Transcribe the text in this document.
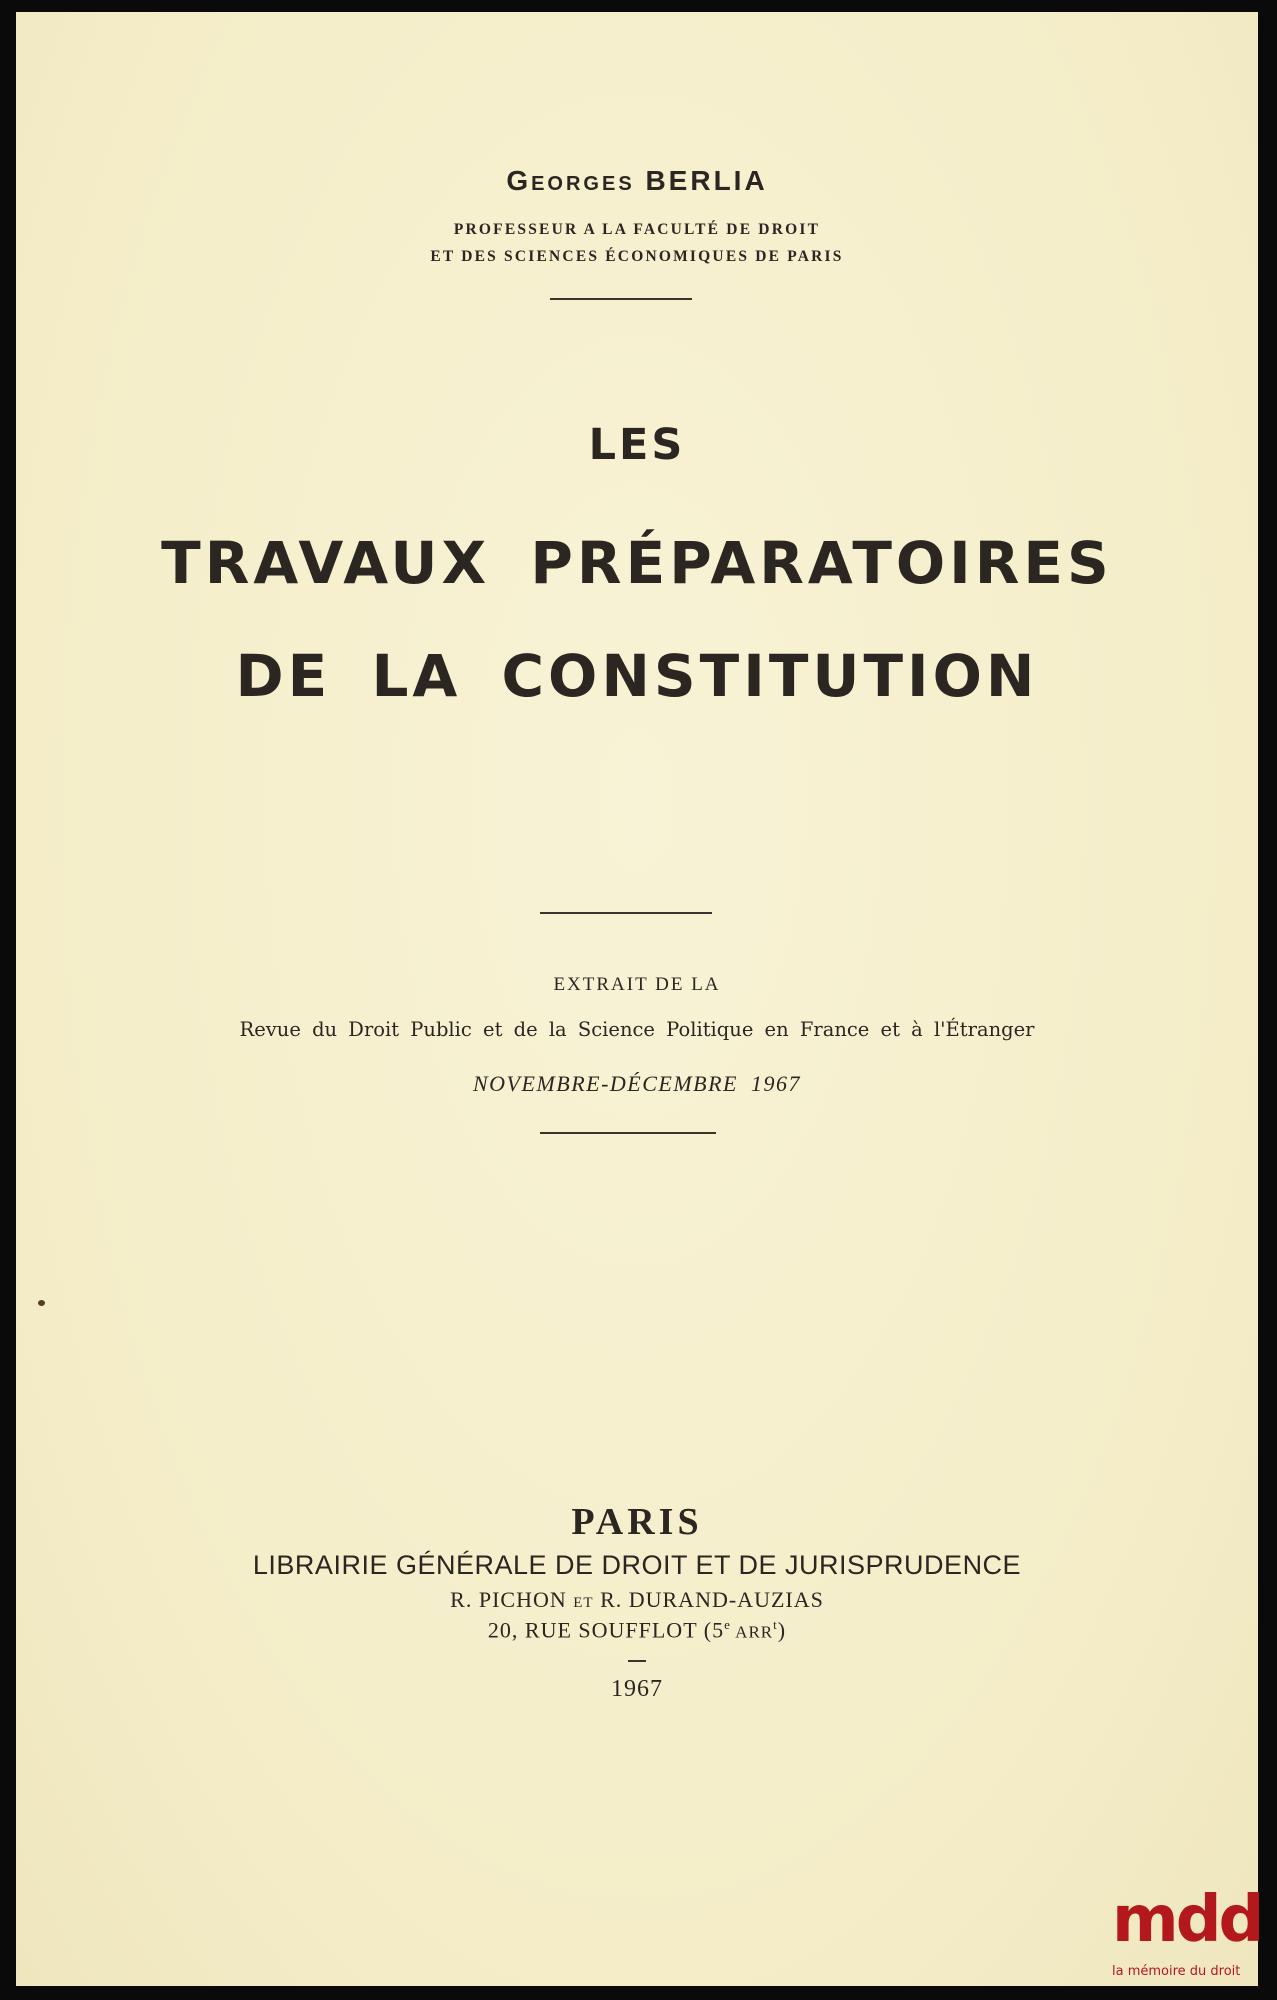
Georges BERLIA
PROFESSEUR A LA FACULTÉ DE DROIT
ET DES SCIENCES ÉCONOMIQUES DE PARIS
LES
TRAVAUX PRÉPARATOIRES
DE LA CONSTITUTION
EXTRAIT DE LA
Revue du Droit Public et de la Science Politique en France et à l'Étranger
NOVEMBRE-DÉCEMBRE 1967
PARIS
LIBRAIRIE GÉNÉRALE DE DROIT ET DE JURISPRUDENCE
R. PICHON ET R. DURAND-AUZIAS
20, RUE SOUFFLOT (5e ARR$^t$)
1967
mdd
la mémoire du droit
